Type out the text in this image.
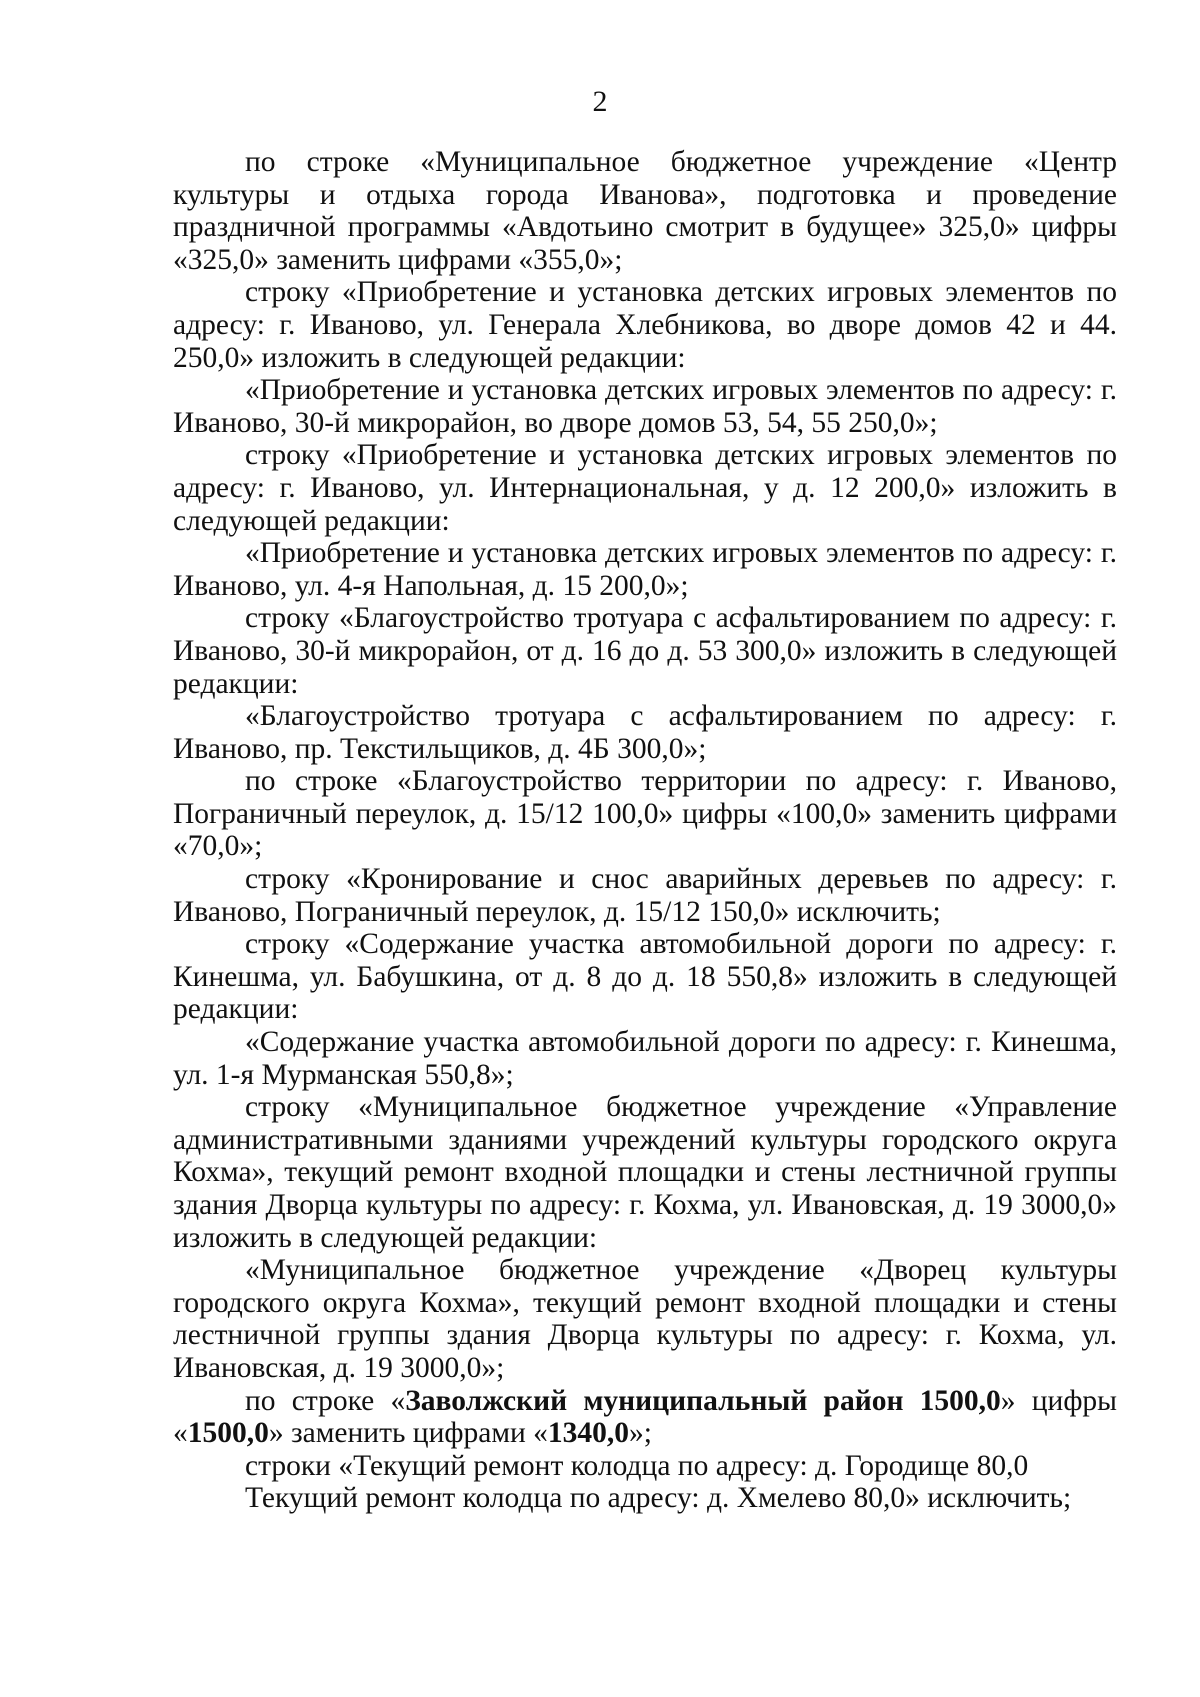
2

по строке «Муниципальное бюджетное учреждение «Центр культуры и отдыха города Иванова», подготовка и проведение праздничной программы «Авдотьино смотрит в будущее» 325,0» цифры «325,0» заменить цифрами «355,0»;

строку «Приобретение и установка детских игровых элементов по адресу: г. Иваново, ул. Генерала Хлебникова, во дворе домов 42 и 44. 250,0» изложить в следующей редакции:

«Приобретение и установка детских игровых элементов по адресу: г. Иваново, 30-й микрорайон, во дворе домов 53, 54, 55 250,0»;

строку «Приобретение и установка детских игровых элементов по адресу: г. Иваново, ул. Интернациональная, у д. 12 200,0» изложить в следующей редакции:

«Приобретение и установка детских игровых элементов по адресу: г. Иваново, ул. 4-я Напольная, д. 15 200,0»;

строку «Благоустройство тротуара с асфальтированием по адресу: г. Иваново, 30-й микрорайон, от д. 16 до д. 53 300,0» изложить в следующей редакции:

«Благоустройство тротуара с асфальтированием по адресу: г. Иваново, пр. Текстильщиков, д. 4Б 300,0»;

по строке «Благоустройство территории по адресу: г. Иваново, Пограничный переулок, д. 15/12 100,0» цифры «100,0» заменить цифрами «70,0»;

строку «Кронирование и снос аварийных деревьев по адресу: г. Иваново, Пограничный переулок, д. 15/12 150,0» исключить;

строку «Содержание участка автомобильной дороги по адресу: г. Кинешма, ул. Бабушкина, от д. 8 до д. 18 550,8» изложить в следующей редакции:

«Содержание участка автомобильной дороги по адресу: г. Кинешма, ул. 1-я Мурманская 550,8»;

строку «Муниципальное бюджетное учреждение «Управление административными зданиями учреждений культуры городского округа Кохма», текущий ремонт входной площадки и стены лестничной группы здания Дворца культуры по адресу: г. Кохма, ул. Ивановская, д. 19 3000,0» изложить в следующей редакции:

«Муниципальное бюджетное учреждение «Дворец культуры городского округа Кохма», текущий ремонт входной площадки и стены лестничной группы здания Дворца культуры по адресу: г. Кохма, ул. Ивановская, д. 19 3000,0»;

по строке «Заволжский муниципальный район 1500,0» цифры «1500,0» заменить цифрами «1340,0»;

строки «Текущий ремонт колодца по адресу: д. Городище 80,0

Текущий ремонт колодца по адресу: д. Хмелево 80,0» исключить;
